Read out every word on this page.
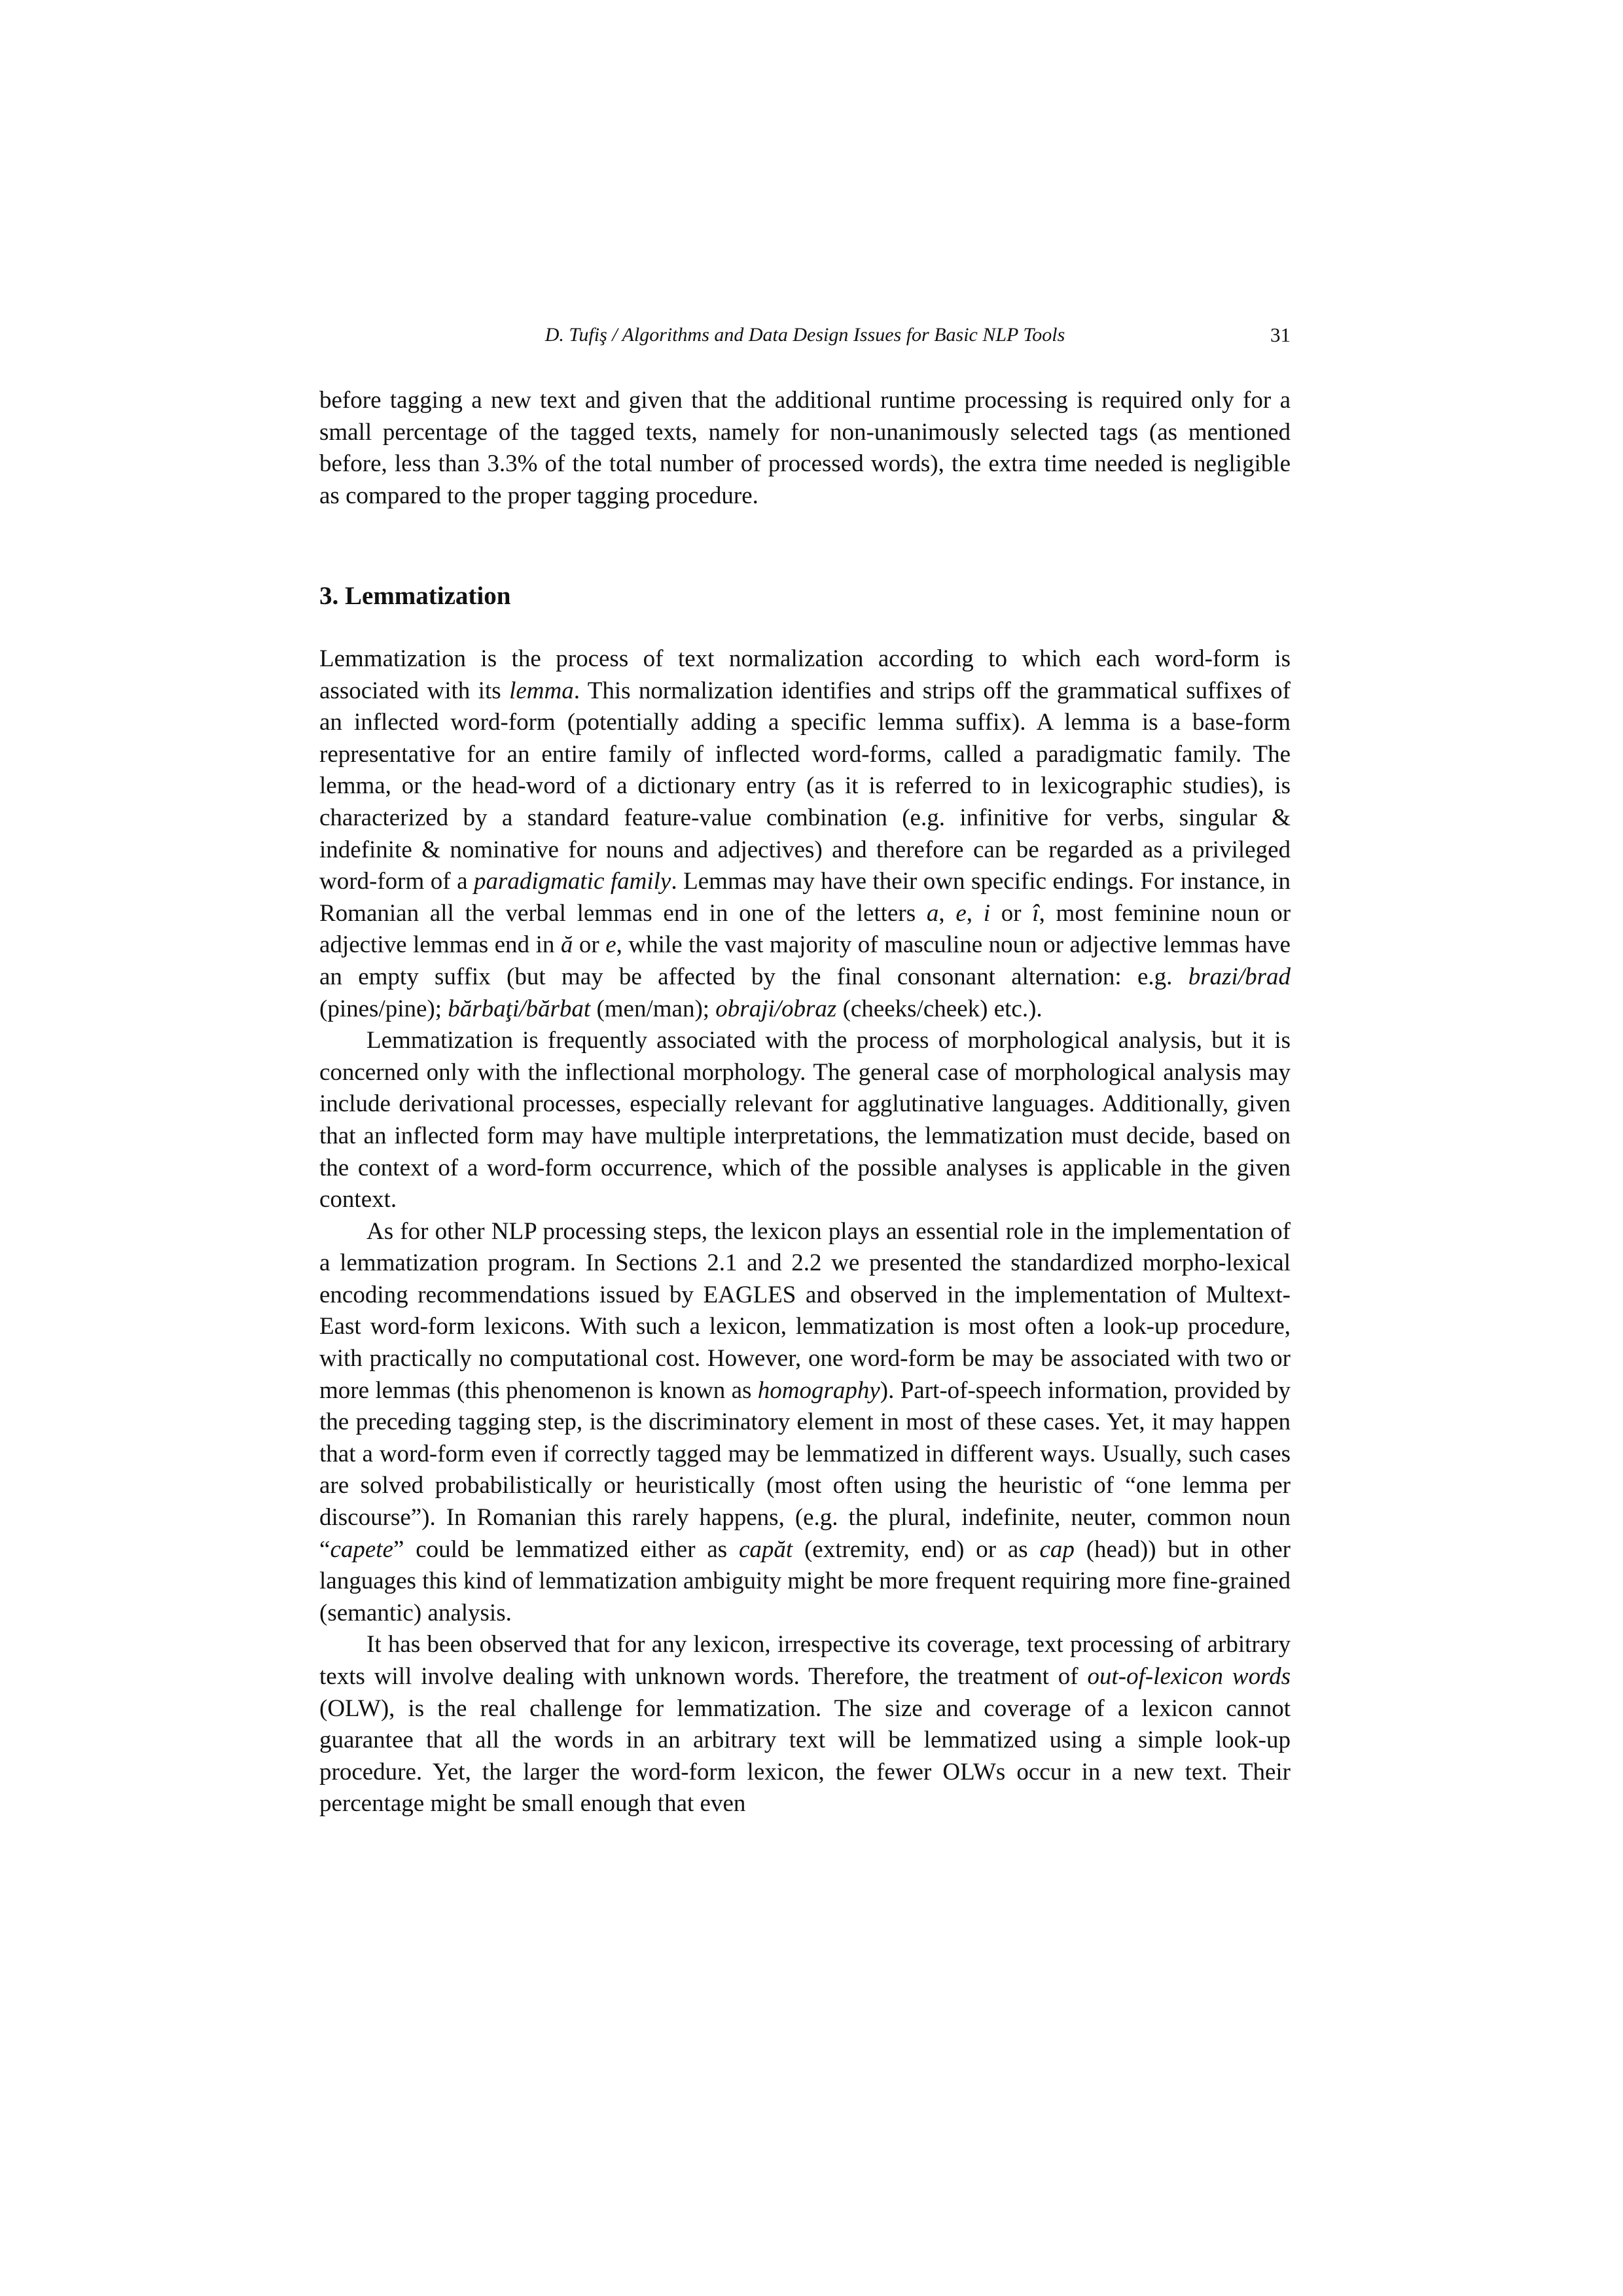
D. Tufiş / Algorithms and Data Design Issues for Basic NLP Tools	31

before tagging a new text and given that the additional runtime processing is required only for a small percentage of the tagged texts, namely for non-unanimously selected tags (as mentioned before, less than 3.3% of the total number of processed words), the extra time needed is negligible as compared to the proper tagging procedure.

3. Lemmatization

Lemmatization is the process of text normalization according to which each word-form is associated with its lemma. This normalization identifies and strips off the grammatical suffixes of an inflected word-form (potentially adding a specific lemma suffix). A lemma is a base-form representative for an entire family of inflected word-forms, called a paradigmatic family. The lemma, or the head-word of a dictionary entry (as it is referred to in lexicographic studies), is characterized by a standard feature-value combination (e.g. infinitive for verbs, singular & indefinite & nominative for nouns and adjectives) and therefore can be regarded as a privileged word-form of a paradigmatic family. Lemmas may have their own specific endings. For instance, in Romanian all the verbal lemmas end in one of the letters a, e, i or î, most feminine noun or adjective lemmas end in ă or e, while the vast majority of masculine noun or adjective lemmas have an empty suffix (but may be affected by the final consonant alternation: e.g. brazi/brad (pines/pine); bărbaţi/bărbat (men/man); obraji/obraz (cheeks/cheek) etc.).

Lemmatization is frequently associated with the process of morphological analysis, but it is concerned only with the inflectional morphology. The general case of morphological analysis may include derivational processes, especially relevant for agglutinative languages. Additionally, given that an inflected form may have multiple interpretations, the lemmatization must decide, based on the context of a word-form occurrence, which of the possible analyses is applicable in the given context.

As for other NLP processing steps, the lexicon plays an essential role in the implementation of a lemmatization program. In Sections 2.1 and 2.2 we presented the standardized morpho-lexical encoding recommendations issued by EAGLES and observed in the implementation of Multext-East word-form lexicons. With such a lexicon, lemmatization is most often a look-up procedure, with practically no computational cost. However, one word-form be may be associated with two or more lemmas (this phenomenon is known as homography). Part-of-speech information, provided by the preceding tagging step, is the discriminatory element in most of these cases. Yet, it may happen that a word-form even if correctly tagged may be lemmatized in different ways. Usually, such cases are solved probabilistically or heuristically (most often using the heuristic of “one lemma per discourse”). In Romanian this rarely happens, (e.g. the plural, indefinite, neuter, common noun “capete” could be lemmatized either as capăt (extremity, end) or as cap (head)) but in other languages this kind of lemmatization ambiguity might be more frequent requiring more fine-grained (semantic) analysis.

It has been observed that for any lexicon, irrespective its coverage, text processing of arbitrary texts will involve dealing with unknown words. Therefore, the treatment of out-of-lexicon words (OLW), is the real challenge for lemmatization. The size and coverage of a lexicon cannot guarantee that all the words in an arbitrary text will be lemmatized using a simple look-up procedure. Yet, the larger the word-form lexicon, the fewer OLWs occur in a new text. Their percentage might be small enough that even
